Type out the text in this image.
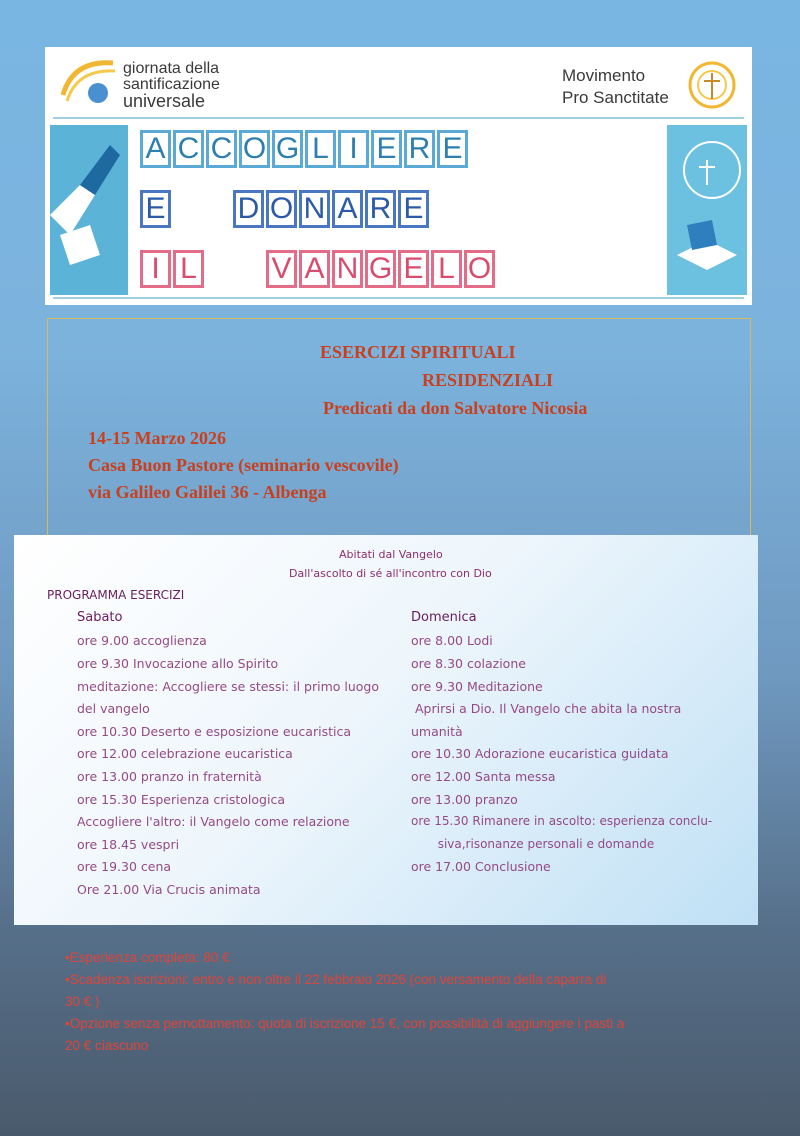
giornata della
santificazione
universale
Movimento
Pro Sanctitate
A C C O G L I E R E
E D O N A R E
I L V A N G E L O
ESERCIZI SPIRITUALI
RESIDENZIALI
Predicati da don Salvatore Nicosia
14-15 Marzo 2026
Casa Buon Pastore (seminario vescovile)
via Galileo Galilei 36 - Albenga
Abitati dal Vangelo
Dall'ascolto di sé all'incontro con Dio
PROGRAMMA ESERCIZI
Sabato
ore 9.00 accoglienza
ore 9.30 Invocazione allo Spirito
meditazione: Accogliere se stessi: il primo luogo
del vangelo
ore 10.30 Deserto e esposizione eucaristica
ore 12.00 celebrazione eucaristica
ore 13.00 pranzo in fraternità
ore 15.30 Esperienza cristologica
Accogliere l'altro: il Vangelo come relazione
ore 18.45 vespri
ore 19.30 cena
Ore 21.00 Via Crucis animata
Domenica
ore 8.00 Lodi
ore 8.30 colazione
ore 9.30 Meditazione
Aprirsi a Dio. Il Vangelo che abita la nostra
umanità
ore 10.30 Adorazione eucaristica guidata
ore 12.00 Santa messa
ore 13.00 pranzo
ore 15.30 Rimanere in ascolto: esperienza conclu-
siva,risonanze personali e domande
ore 17.00 Conclusione
•Esperienza completa: 80 €
•Scadenza iscrizioni: entro e non oltre il 22 febbraio 2026 (con versamento della caparra di
30 € )
•Opzione senza pernottamento: quota di iscrizione 15 €, con possibilità di aggiungere i pasti a
20 € ciascuno
